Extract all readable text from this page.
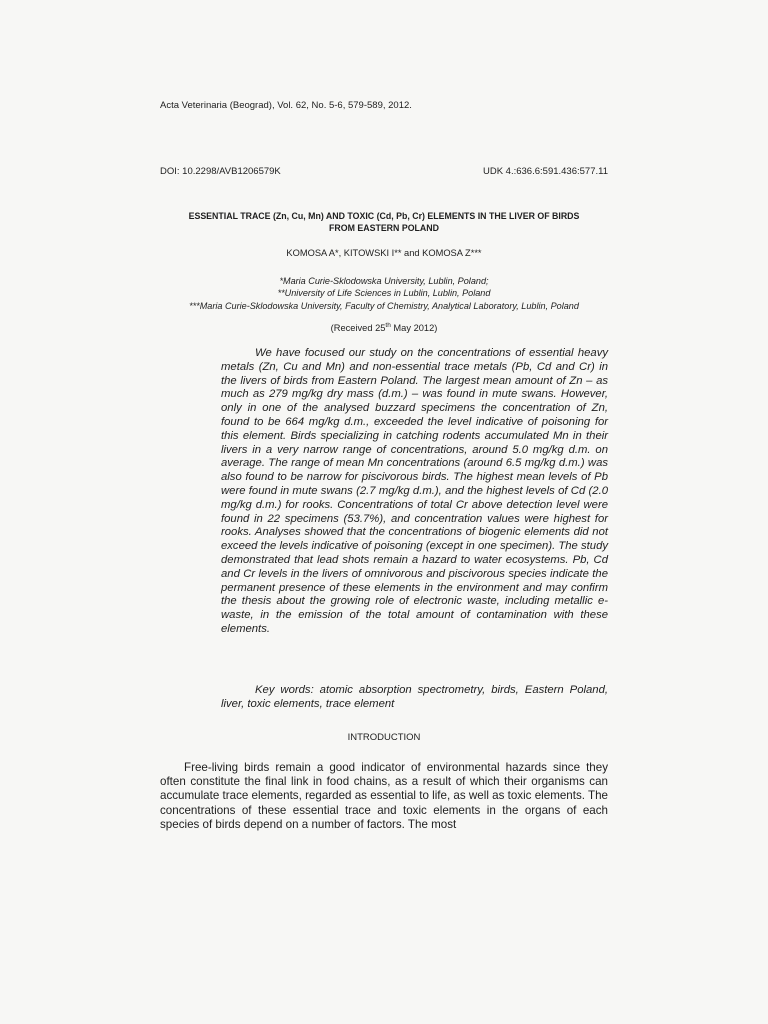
Acta Veterinaria (Beograd), Vol. 62, No. 5-6, 579-589, 2012.

DOI: 10.2298/AVB1206579K	UDK 4.:636.6:591.436:577.11

ESSENTIAL TRACE (Zn, Cu, Mn) AND TOXIC (Cd, Pb, Cr) ELEMENTS IN THE LIVER OF BIRDS
FROM EASTERN POLAND

KOMOSA A*, KITOWSKI I** and KOMOSA Z***

*Maria Curie-Sklodowska University, Lublin, Poland;
**University of Life Sciences in Lublin, Lublin, Poland
***Maria Curie-Sklodowska University, Faculty of Chemistry, Analytical Laboratory, Lublin, Poland

(Received 25th May 2012)

We have focused our study on the concentrations of essential heavy metals (Zn, Cu and Mn) and non-essential trace metals (Pb, Cd and Cr) in the livers of birds from Eastern Poland. The largest mean amount of Zn – as much as 279 mg/kg dry mass (d.m.) – was found in mute swans. However, only in one of the analysed buzzard specimens the concentration of Zn, found to be 664 mg/kg d.m., exceeded the level indicative of poisoning for this element. Birds specializing in catching rodents accumulated Mn in their livers in a very narrow range of concentrations, around 5.0 mg/kg d.m. on average. The range of mean Mn concentrations (around 6.5 mg/kg d.m.) was also found to be narrow for piscivorous birds. The highest mean levels of Pb were found in mute swans (2.7 mg/kg d.m.), and the highest levels of Cd (2.0 mg/kg d.m.) for rooks. Concentrations of total Cr above detection level were found in 22 specimens (53.7%), and concentration values were highest for rooks. Analyses showed that the concentrations of biogenic elements did not exceed the levels indicative of poisoning (except in one specimen). The study demonstrated that lead shots remain a hazard to water ecosystems. Pb, Cd and Cr levels in the livers of omnivorous and piscivorous species indicate the permanent presence of these elements in the environment and may confirm the thesis about the growing role of electronic waste, including metallic e-waste, in the emission of the total amount of contamination with these elements.

Key words: atomic absorption spectrometry, birds, Eastern Poland, liver, toxic elements, trace element

INTRODUCTION

Free-living birds remain a good indicator of environmental hazards since they often constitute the final link in food chains, as a result of which their organisms can accumulate trace elements, regarded as essential to life, as well as toxic elements. The concentrations of these essential trace and toxic elements in the organs of each species of birds depend on a number of factors. The most
